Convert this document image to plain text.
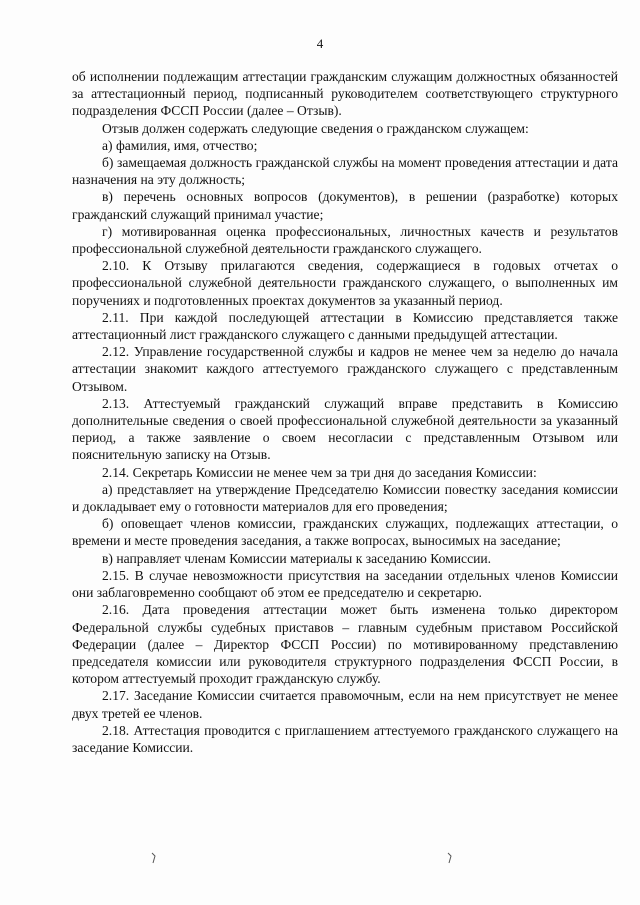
4

об исполнении подлежащим аттестации гражданским служащим должностных обязанностей за аттестационный период, подписанный руководителем соответствующего структурного подразделения ФССП России (далее – Отзыв).

Отзыв должен содержать следующие сведения о гражданском служащем:

а) фамилия, имя, отчество;

б) замещаемая должность гражданской службы на момент проведения аттестации и дата назначения на эту должность;

в) перечень основных вопросов (документов), в решении (разработке) которых гражданский служащий принимал участие;

г) мотивированная оценка профессиональных, личностных качеств и результатов профессиональной служебной деятельности гражданского служащего.

2.10. К Отзыву прилагаются сведения, содержащиеся в годовых отчетах о профессиональной служебной деятельности гражданского служащего, о выполненных им поручениях и подготовленных проектах документов за указанный период.

2.11. При каждой последующей аттестации в Комиссию представляется также аттестационный лист гражданского служащего с данными предыдущей аттестации.

2.12. Управление государственной службы и кадров не менее чем за неделю до начала аттестации знакомит каждого аттестуемого гражданского служащего с представленным Отзывом.

2.13. Аттестуемый гражданский служащий вправе представить в Комиссию дополнительные сведения о своей профессиональной служебной деятельности за указанный период, а также заявление о своем несогласии с представленным Отзывом или пояснительную записку на Отзыв.

2.14. Секретарь Комиссии не менее чем за три дня до заседания Комиссии:

а) представляет на утверждение Председателю Комиссии повестку заседания комиссии и докладывает ему о готовности материалов для его проведения;

б) оповещает членов комиссии, гражданских служащих, подлежащих аттестации, о времени и месте проведения заседания, а также вопросах, выносимых на заседание;

в) направляет членам Комиссии материалы к заседанию Комиссии.

2.15. В случае невозможности присутствия на заседании отдельных членов Комиссии они заблаговременно сообщают об этом ее председателю и секретарю.

2.16. Дата проведения аттестации может быть изменена только директором Федеральной службы судебных приставов – главным судебным приставом Российской Федерации (далее – Директор ФССП России) по мотивированному представлению председателя комиссии или руководителя структурного подразделения ФССП России, в котором аттестуемый проходит гражданскую службу.

2.17. Заседание Комиссии считается правомочным, если на нем присутствует не менее двух третей ее членов.

2.18. Аттестация проводится с приглашением аттестуемого гражданского служащего на заседание Комиссии.
